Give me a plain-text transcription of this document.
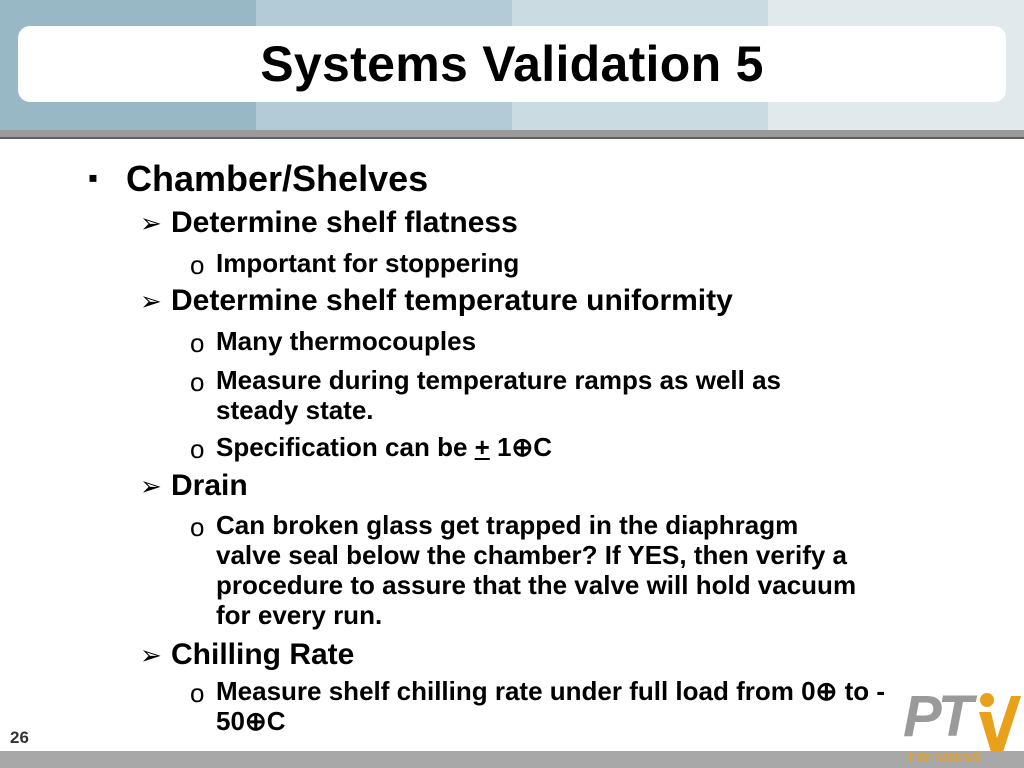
Systems Validation 5
▪ Chamber/Shelves
➢ Determine shelf flatness
o Important for stoppering
➢ Determine shelf temperature uniformity
o Many thermocouples
o Measure during temperature ramps as well as
steady state.
o Specification can be + 1⊕C
➢ Drain
o Can broken glass get trapped in the diaphragm
valve seal below the chamber? If YES, then verify a
procedure to assure that the valve will hold vacuum
for every run.
➢ Chilling Rate
o Measure shelf chilling rate under full load from 0⊕ to -
50⊕C
26	PT
international
